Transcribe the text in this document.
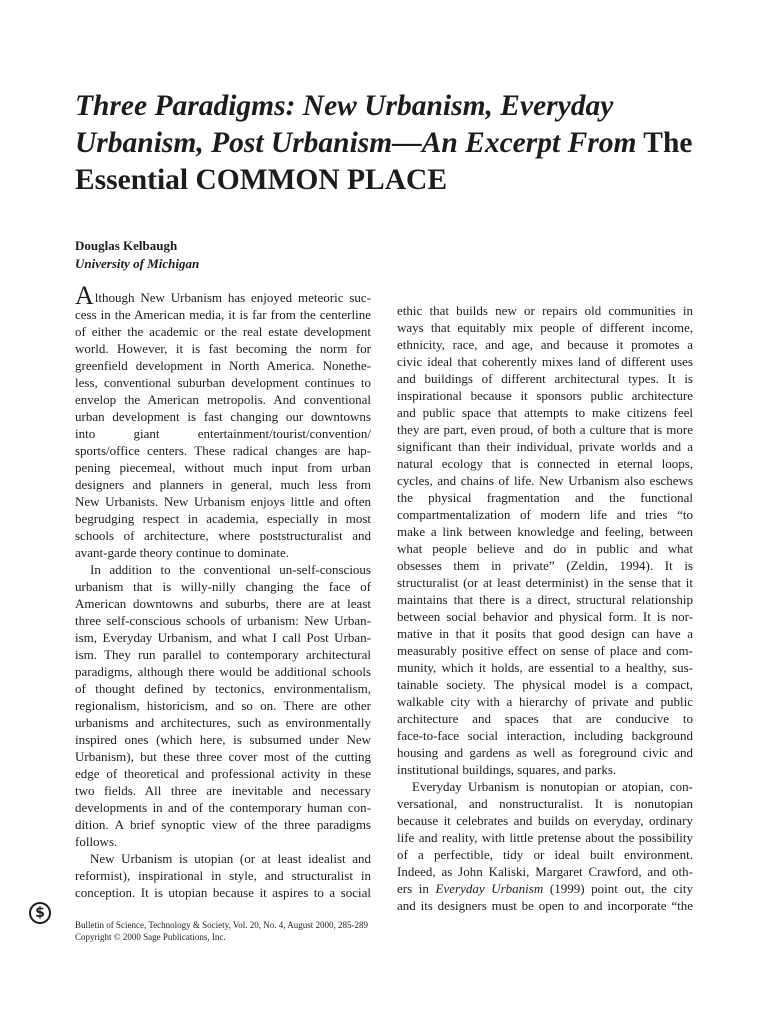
Three Paradigms: New Urbanism, Everyday Urbanism, Post Urbanism—An Excerpt From The Essential COMMON PLACE
Douglas Kelbaugh
University of Michigan
Although New Urbanism has enjoyed meteoric suc-
cess in the American media, it is far from the centerline
of either the academic or the real estate development
world. However, it is fast becoming the norm for
greenfield development in North America. Nonethe-
less, conventional suburban development continues to
envelop the American metropolis. And conventional
urban development is fast changing our downtowns
into giant entertainment/tourist/convention/
sports/office centers. These radical changes are hap-
pening piecemeal, without much input from urban
designers and planners in general, much less from
New Urbanists. New Urbanism enjoys little and often
begrudging respect in academia, especially in most
schools of architecture, where poststructuralist and
avant-garde theory continue to dominate.
In addition to the conventional un-self-conscious
urbanism that is willy-nilly changing the face of
American downtowns and suburbs, there are at least
three self-conscious schools of urbanism: New Urban-
ism, Everyday Urbanism, and what I call Post Urban-
ism. They run parallel to contemporary architectural
paradigms, although there would be additional schools
of thought defined by tectonics, environmentalism,
regionalism, historicism, and so on. There are other
urbanisms and architectures, such as environmentally
inspired ones (which here, is subsumed under New
Urbanism), but these three cover most of the cutting
edge of theoretical and professional activity in these
two fields. All three are inevitable and necessary
developments in and of the contemporary human con-
dition. A brief synoptic view of the three paradigms
follows.
New Urbanism is utopian (or at least idealist and
reformist), inspirational in style, and structuralist in
conception. It is utopian because it aspires to a social
ethic that builds new or repairs old communities in
ways that equitably mix people of different income,
ethnicity, race, and age, and because it promotes a
civic ideal that coherently mixes land of different uses
and buildings of different architectural types. It is
inspirational because it sponsors public architecture
and public space that attempts to make citizens feel
they are part, even proud, of both a culture that is more
significant than their individual, private worlds and a
natural ecology that is connected in eternal loops,
cycles, and chains of life. New Urbanism also eschews
the physical fragmentation and the functional
compartmentalization of modern life and tries “to
make a link between knowledge and feeling, between
what people believe and do in public and what
obsesses them in private” (Zeldin, 1994). It is
structuralist (or at least determinist) in the sense that it
maintains that there is a direct, structural relationship
between social behavior and physical form. It is nor-
mative in that it posits that good design can have a
measurably positive effect on sense of place and com-
munity, which it holds, are essential to a healthy, sus-
tainable society. The physical model is a compact,
walkable city with a hierarchy of private and public
architecture and spaces that are conducive to
face-to-face social interaction, including background
housing and gardens as well as foreground civic and
institutional buildings, squares, and parks.
Everyday Urbanism is nonutopian or atopian, con-
versational, and nonstructuralist. It is nonutopian
because it celebrates and builds on everyday, ordinary
life and reality, with little pretense about the possibility
of a perfectible, tidy or ideal built environment.
Indeed, as John Kaliski, Margaret Crawford, and oth-
ers in Everyday Urbanism (1999) point out, the city
and its designers must be open to and incorporate “the
$
Bulletin of Science, Technology & Society, Vol. 20, No. 4, August 2000, 285-289
Copyright © 2000 Sage Publications, Inc.
